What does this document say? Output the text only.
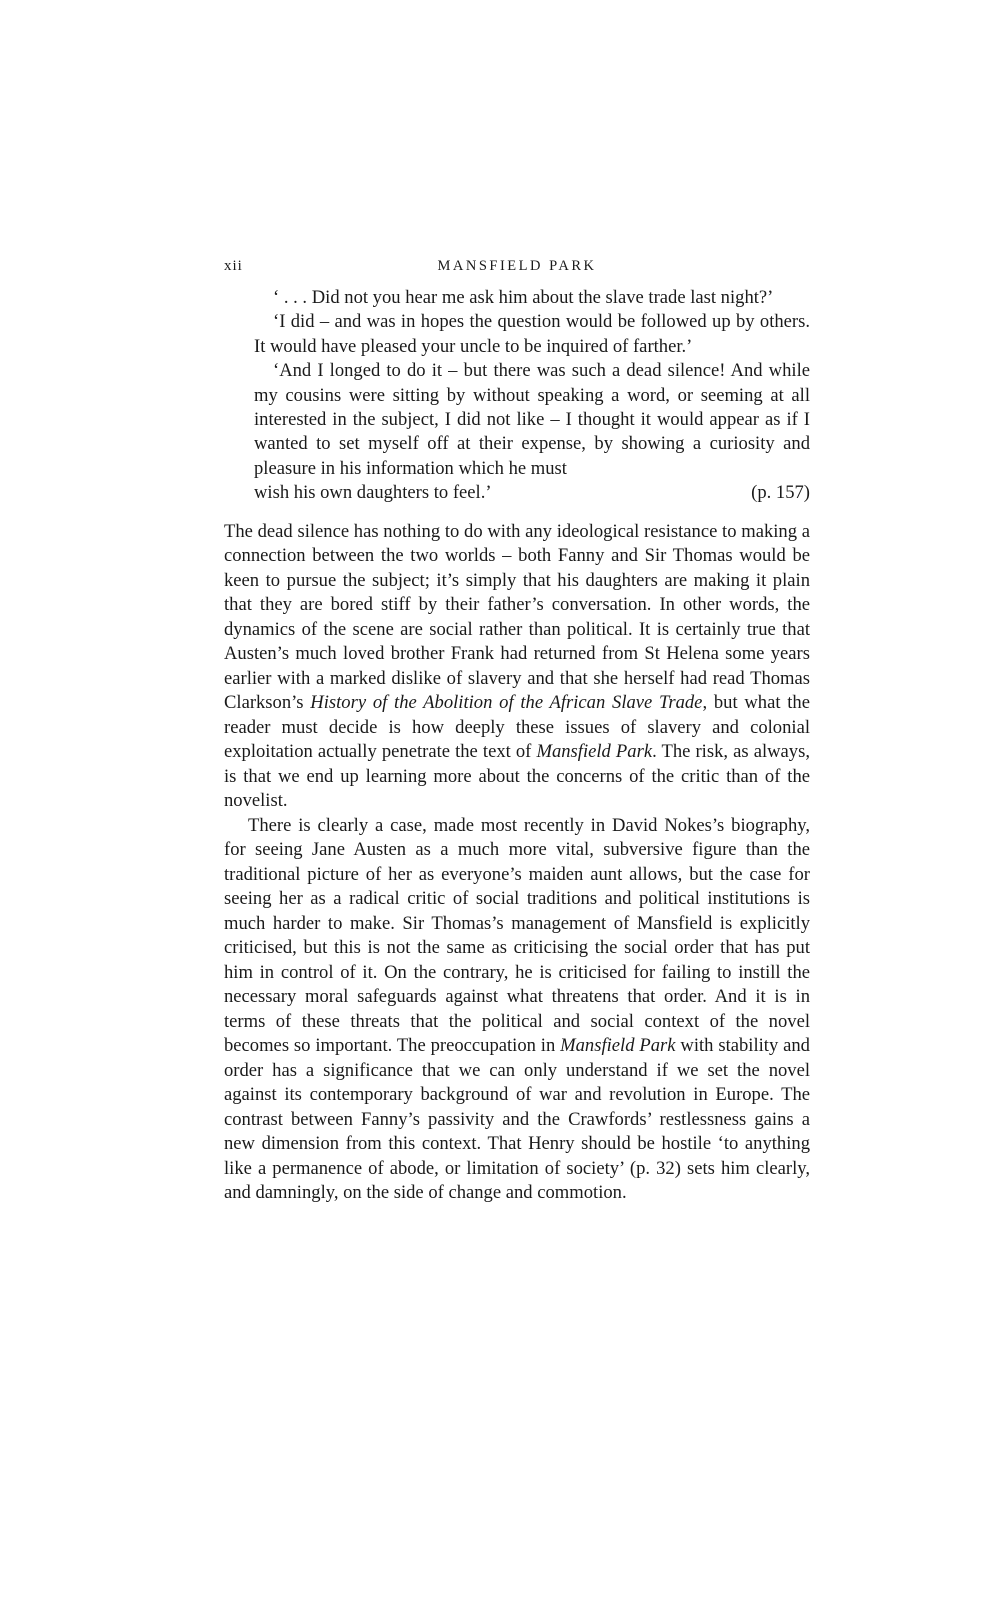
xii	MANSFIELD PARK

‘ . . . Did not you hear me ask him about the slave trade last night?’

‘I did – and was in hopes the question would be followed up by others. It would have pleased your uncle to be inquired of farther.’

‘And I longed to do it – but there was such a dead silence! And while my cousins were sitting by without speaking a word, or seeming at all interested in the subject, I did not like – I thought it would appear as if I wanted to set myself off at their expense, by showing a curiosity and pleasure in his information which he must

wish his own daughters to feel.’	(p. 157)

The dead silence has nothing to do with any ideological resistance to making a connection between the two worlds – both Fanny and Sir Thomas would be keen to pursue the subject; it’s simply that his daughters are making it plain that they are bored stiff by their father’s conversation. In other words, the dynamics of the scene are social rather than political. It is certainly true that Austen’s much loved brother Frank had returned from St Helena some years earlier with a marked dislike of slavery and that she herself had read Thomas Clarkson’s History of the Abolition of the African Slave Trade, but what the reader must decide is how deeply these issues of slavery and colonial exploitation actually penetrate the text of Mansfield Park. The risk, as always, is that we end up learning more about the concerns of the critic than of the novelist.

There is clearly a case, made most recently in David Nokes’s biography, for seeing Jane Austen as a much more vital, subversive figure than the traditional picture of her as everyone’s maiden aunt allows, but the case for seeing her as a radical critic of social traditions and political institutions is much harder to make. Sir Thomas’s management of Mansfield is explicitly criticised, but this is not the same as criticising the social order that has put him in control of it. On the contrary, he is criticised for failing to instill the necessary moral safeguards against what threatens that order. And it is in terms of these threats that the political and social context of the novel becomes so important. The preoccupation in Mansfield Park with stability and order has a significance that we can only understand if we set the novel against its contemporary background of war and revolution in Europe. The contrast between Fanny’s passivity and the Crawfords’ restlessness gains a new dimension from this context. That Henry should be hostile ‘to anything like a permanence of abode, or limitation of society’ (p. 32) sets him clearly, and damningly, on the side of change and commotion.
